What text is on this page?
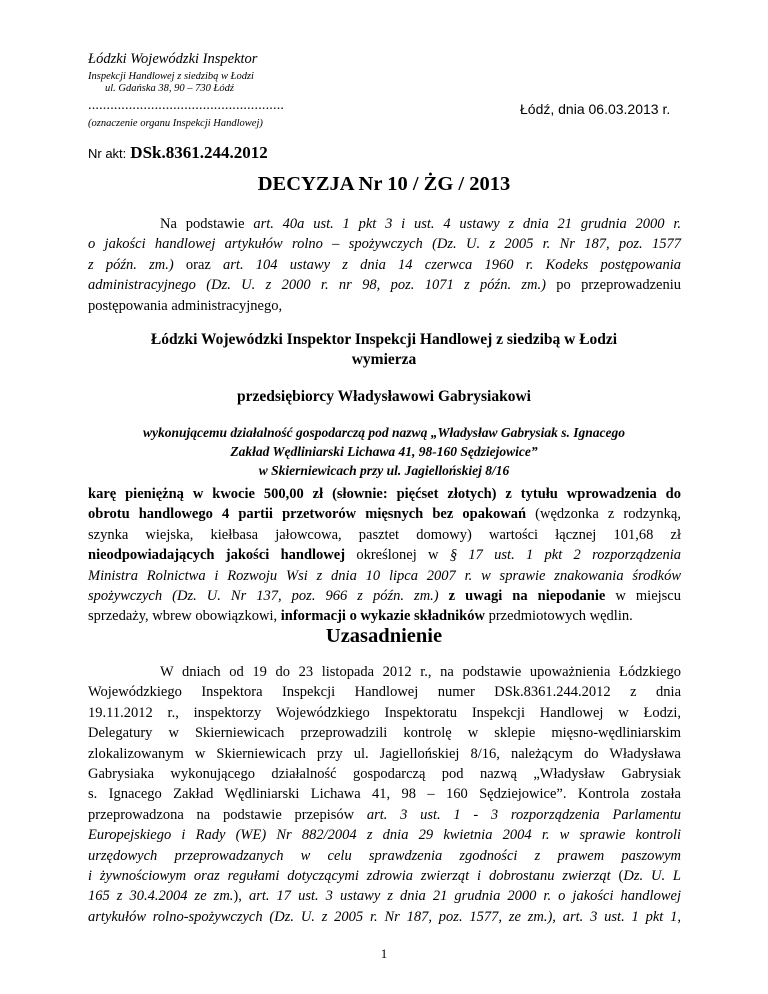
Łódzki Wojewódzki Inspektor
Inspekcji Handlowej z siedzibą w Łodzi
ul. Gdańska 38, 90 – 730 Łódź
.....................................................	Łódź, dnia 06.03.2013 r.
(oznaczenie organu Inspekcji Handlowej)
Nr akt: DSk.8361.244.2012
DECYZJA Nr 10 / ŻG / 2013
Na podstawie art. 40a ust. 1 pkt 3 i ust. 4 ustawy z dnia 21 grudnia 2000 r.
o jakości handlowej artykułów rolno – spożywczych (Dz. U. z 2005 r. Nr 187, poz. 1577
z późn. zm.) oraz art. 104 ustawy z dnia 14 czerwca 1960 r. Kodeks postępowania
administracyjnego (Dz. U. z 2000 r. nr 98, poz. 1071 z późn. zm.) po przeprowadzeniu
postępowania administracyjnego,
Łódzki Wojewódzki Inspektor Inspekcji Handlowej z siedzibą w Łodzi
wymierza
przedsiębiorcy Władysławowi Gabrysiakowi
wykonującemu działalność gospodarczą pod nazwą „Władysław Gabrysiak s. Ignacego
Zakład Wędliniarski Lichawa 41, 98-160 Sędziejowice”
w Skierniewicach przy ul. Jagiellońskiej 8/16
karę pieniężną w kwocie 500,00 zł (słownie: pięćset złotych) z tytułu wprowadzenia do
obrotu handlowego 4 partii przetworów mięsnych bez opakowań (wędzonka z rodzynką,
szynka wiejska, kiełbasa jałowcowa, pasztet domowy) wartości łącznej 101,68 zł
nieodpowiadających jakości handlowej określonej w § 17 ust. 1 pkt 2 rozporządzenia
Ministra Rolnictwa i Rozwoju Wsi z dnia 10 lipca 2007 r. w sprawie znakowania środków
spożywczych (Dz. U. Nr 137, poz. 966 z późn. zm.) z uwagi na niepodanie w miejscu
sprzedaży, wbrew obowiązkowi, informacji o wykazie składników przedmiotowych wędlin.
Uzasadnienie
W dniach od 19 do 23 listopada 2012 r., na podstawie upoważnienia Łódzkiego
Wojewódzkiego Inspektora Inspekcji Handlowej numer DSk.8361.244.2012 z dnia
19.11.2012 r., inspektorzy Wojewódzkiego Inspektoratu Inspekcji Handlowej w Łodzi,
Delegatury w Skierniewicach przeprowadzili kontrolę w sklepie mięsno-wędliniarskim
zlokalizowanym w Skierniewicach przy ul. Jagiellońskiej 8/16, należącym do Władysława
Gabrysiaka wykonującego działalność gospodarczą pod nazwą „Władysław Gabrysiak
s. Ignacego Zakład Wędliniarski Lichawa 41, 98 – 160 Sędziejowice”. Kontrola została
przeprowadzona na podstawie przepisów art. 3 ust. 1 - 3 rozporządzenia Parlamentu
Europejskiego i Rady (WE) Nr 882/2004 z dnia 29 kwietnia 2004 r. w sprawie kontroli
urzędowych przeprowadzanych w celu sprawdzenia zgodności z prawem paszowym
i żywnościowym oraz regułami dotyczącymi zdrowia zwierząt i dobrostanu zwierząt (Dz. U. L
165 z 30.4.2004 ze zm.), art. 17 ust. 3 ustawy z dnia 21 grudnia 2000 r. o jakości handlowej
artykułów rolno-spożywczych (Dz. U. z 2005 r. Nr 187, poz. 1577, ze zm.), art. 3 ust. 1 pkt 1,
1
